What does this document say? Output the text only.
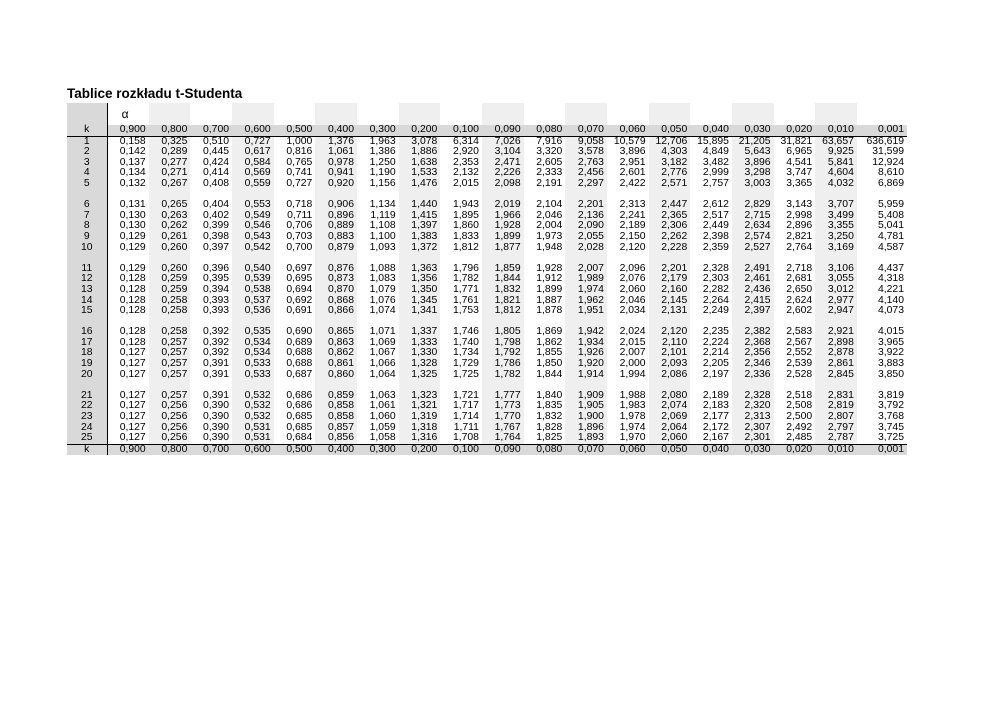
Tablice rozkładu t-Studenta
	α																		
k	0,900	0,800	0,700	0,600	0,500	0,400	0,300	0,200	0,100	0,090	0,080	0,070	0,060	0,050	0,040	0,030	0,020	0,010	0,001
1	0,158	0,325	0,510	0,727	1,000	1,376	1,963	3,078	6,314	7,026	7,916	9,058	10,579	12,706	15,895	21,205	31,821	63,657	636,619
2	0,142	0,289	0,445	0,617	0,816	1,061	1,386	1,886	2,920	3,104	3,320	3,578	3,896	4,303	4,849	5,643	6,965	9,925	31,599
3	0,137	0,277	0,424	0,584	0,765	0,978	1,250	1,638	2,353	2,471	2,605	2,763	2,951	3,182	3,482	3,896	4,541	5,841	12,924
4	0,134	0,271	0,414	0,569	0,741	0,941	1,190	1,533	2,132	2,226	2,333	2,456	2,601	2,776	2,999	3,298	3,747	4,604	8,610
5	0,132	0,267	0,408	0,559	0,727	0,920	1,156	1,476	2,015	2,098	2,191	2,297	2,422	2,571	2,757	3,003	3,365	4,032	6,869

6	0,131	0,265	0,404	0,553	0,718	0,906	1,134	1,440	1,943	2,019	2,104	2,201	2,313	2,447	2,612	2,829	3,143	3,707	5,959
7	0,130	0,263	0,402	0,549	0,711	0,896	1,119	1,415	1,895	1,966	2,046	2,136	2,241	2,365	2,517	2,715	2,998	3,499	5,408
8	0,130	0,262	0,399	0,546	0,706	0,889	1,108	1,397	1,860	1,928	2,004	2,090	2,189	2,306	2,449	2,634	2,896	3,355	5,041
9	0,129	0,261	0,398	0,543	0,703	0,883	1,100	1,383	1,833	1,899	1,973	2,055	2,150	2,262	2,398	2,574	2,821	3,250	4,781
10	0,129	0,260	0,397	0,542	0,700	0,879	1,093	1,372	1,812	1,877	1,948	2,028	2,120	2,228	2,359	2,527	2,764	3,169	4,587

11	0,129	0,260	0,396	0,540	0,697	0,876	1,088	1,363	1,796	1,859	1,928	2,007	2,096	2,201	2,328	2,491	2,718	3,106	4,437
12	0,128	0,259	0,395	0,539	0,695	0,873	1,083	1,356	1,782	1,844	1,912	1,989	2,076	2,179	2,303	2,461	2,681	3,055	4,318
13	0,128	0,259	0,394	0,538	0,694	0,870	1,079	1,350	1,771	1,832	1,899	1,974	2,060	2,160	2,282	2,436	2,650	3,012	4,221
14	0,128	0,258	0,393	0,537	0,692	0,868	1,076	1,345	1,761	1,821	1,887	1,962	2,046	2,145	2,264	2,415	2,624	2,977	4,140
15	0,128	0,258	0,393	0,536	0,691	0,866	1,074	1,341	1,753	1,812	1,878	1,951	2,034	2,131	2,249	2,397	2,602	2,947	4,073

16	0,128	0,258	0,392	0,535	0,690	0,865	1,071	1,337	1,746	1,805	1,869	1,942	2,024	2,120	2,235	2,382	2,583	2,921	4,015
17	0,128	0,257	0,392	0,534	0,689	0,863	1,069	1,333	1,740	1,798	1,862	1,934	2,015	2,110	2,224	2,368	2,567	2,898	3,965
18	0,127	0,257	0,392	0,534	0,688	0,862	1,067	1,330	1,734	1,792	1,855	1,926	2,007	2,101	2,214	2,356	2,552	2,878	3,922
19	0,127	0,257	0,391	0,533	0,688	0,861	1,066	1,328	1,729	1,786	1,850	1,920	2,000	2,093	2,205	2,346	2,539	2,861	3,883
20	0,127	0,257	0,391	0,533	0,687	0,860	1,064	1,325	1,725	1,782	1,844	1,914	1,994	2,086	2,197	2,336	2,528	2,845	3,850

21	0,127	0,257	0,391	0,532	0,686	0,859	1,063	1,323	1,721	1,777	1,840	1,909	1,988	2,080	2,189	2,328	2,518	2,831	3,819
22	0,127	0,256	0,390	0,532	0,686	0,858	1,061	1,321	1,717	1,773	1,835	1,905	1,983	2,074	2,183	2,320	2,508	2,819	3,792
23	0,127	0,256	0,390	0,532	0,685	0,858	1,060	1,319	1,714	1,770	1,832	1,900	1,978	2,069	2,177	2,313	2,500	2,807	3,768
24	0,127	0,256	0,390	0,531	0,685	0,857	1,059	1,318	1,711	1,767	1,828	1,896	1,974	2,064	2,172	2,307	2,492	2,797	3,745
25	0,127	0,256	0,390	0,531	0,684	0,856	1,058	1,316	1,708	1,764	1,825	1,893	1,970	2,060	2,167	2,301	2,485	2,787	3,725
k	0,900	0,800	0,700	0,600	0,500	0,400	0,300	0,200	0,100	0,090	0,080	0,070	0,060	0,050	0,040	0,030	0,020	0,010	0,001
